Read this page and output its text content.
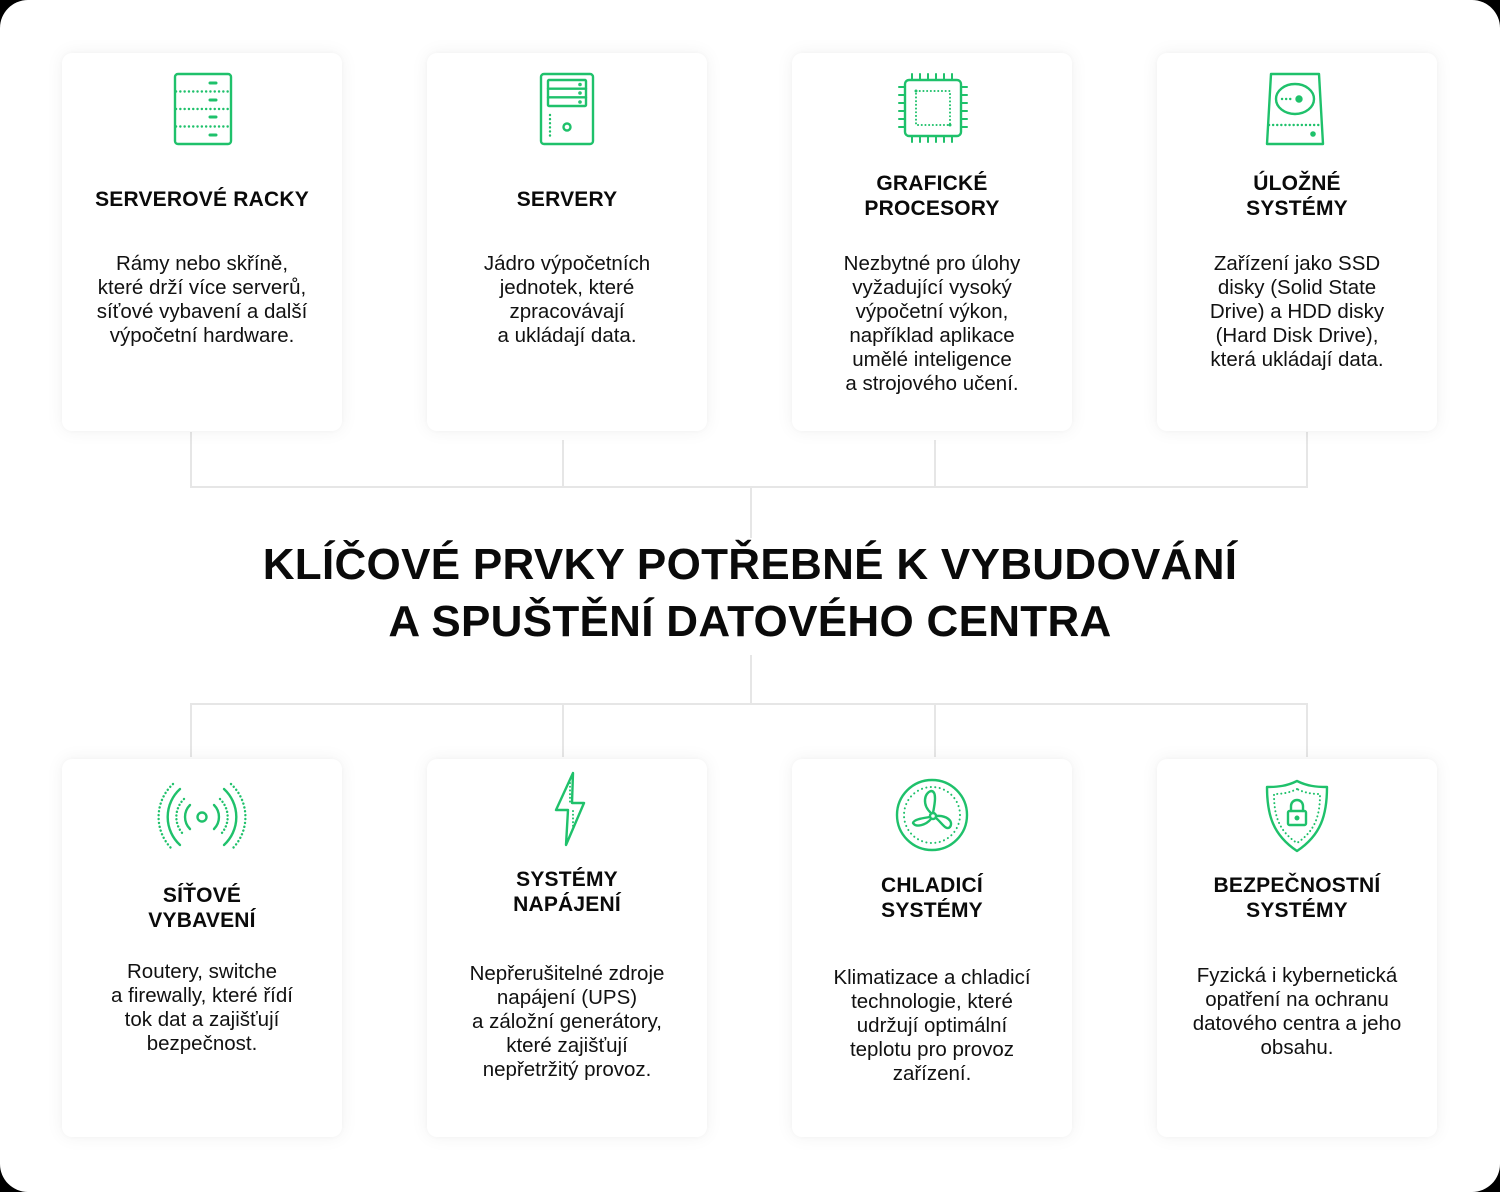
KLÍČOVÉ PRVKY POTŘEBNÉ K VYBUDOVÁNÍ
A SPUŠTĚNÍ DATOVÉHO CENTRA
SERVEROVÉ RACKY
Rámy nebo skříně,
které drží více serverů,
síťové vybavení a další
výpočetní hardware.
SERVERY
Jádro výpočetních
jednotek, které
zpracovávají
a ukládají data.
GRAFICKÉ
PROCESORY
Nezbytné pro úlohy
vyžadující vysoký
výpočetní výkon,
například aplikace
umělé inteligence
a strojového učení.
ÚLOŽNÉ
SYSTÉMY
Zařízení jako SSD
disky (Solid State
Drive) a HDD disky
(Hard Disk Drive),
která ukládají data.
SÍŤOVÉ
VYBAVENÍ
Routery, switche
a firewally, které řídí
tok dat a zajišťují
bezpečnost.
SYSTÉMY
NAPÁJENÍ
Nepřerušitelné zdroje
napájení (UPS)
a záložní generátory,
které zajišťují
nepřetržitý provoz.
CHLADICÍ
SYSTÉMY
Klimatizace a chladicí
technologie, které
udržují optimální
teplotu pro provoz
zařízení.
BEZPEČNOSTNÍ
SYSTÉMY
Fyzická i kybernetická
opatření na ochranu
datového centra a jeho
obsahu.
